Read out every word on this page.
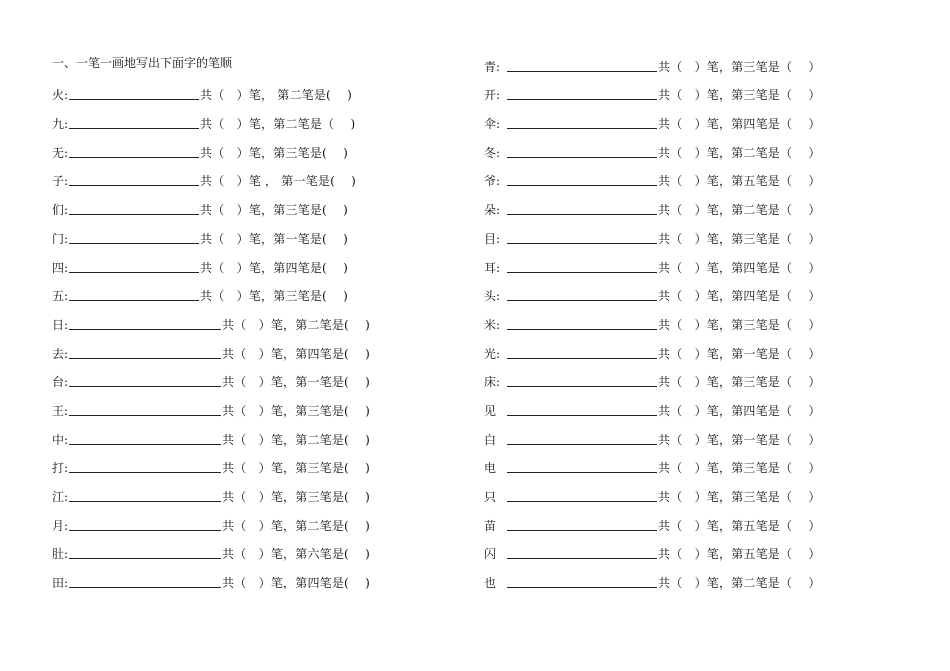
一、一笔一画地写出下面字的笔顺
火:	共（　）笔， 第二笔是(　 )
九:	共（　）笔，第二笔是（　 )
无:	共（　）笔，第三笔是(　 )
子:	共（　）笔 ， 第一笔是(　 )
们:	共（　）笔，第三笔是(　 )
门:	共（　）笔，第一笔是(　 )
四:	共（　）笔，第四笔是(　 )
五:	共（　）笔，第三笔是(　 )
日:	共（　）笔，第二笔是(　 )
去:	共（　）笔，第四笔是(　 )
台:	共（　）笔，第一笔是(　 )
王:	共（　）笔，第三笔是(　 )
中:	共（　）笔，第二笔是(　 )
打:	共（　）笔，第三笔是(　 )
江:	共（　）笔，第三笔是(　 )
月:	共（　）笔，第二笔是(　 )
肚:	共（　）笔，第六笔是(　 )
田:	共（　）笔，第四笔是(　 )
青:	共（　）笔，第三笔是（　 ）
开:	共（　）笔，第三笔是（　 ）
伞:	共（　）笔，第四笔是（　 ）
冬:	共（　）笔，第二笔是（　 ）
爷:	共（　）笔，第五笔是（　 ）
朵:	共（　）笔，第二笔是（　 ）
目:	共（　）笔，第三笔是（　 ）
耳:	共（　）笔，第四笔是（　 ）
头:	共（　）笔，第四笔是（　 ）
米:	共（　）笔，第三笔是（　 ）
光:	共（　）笔，第一笔是（　 ）
床:	共（　）笔，第三笔是（　 ）
见	共（　）笔，第四笔是（　 ）
白	共（　）笔，第一笔是（　 ）
电	共（　）笔，第三笔是（　 ）
只	共（　）笔，第三笔是（　 ）
苗	共（　）笔，第五笔是（　 ）
闪	共（　）笔，第五笔是（　 ）
也	共（　）笔，第二笔是（　 ）
